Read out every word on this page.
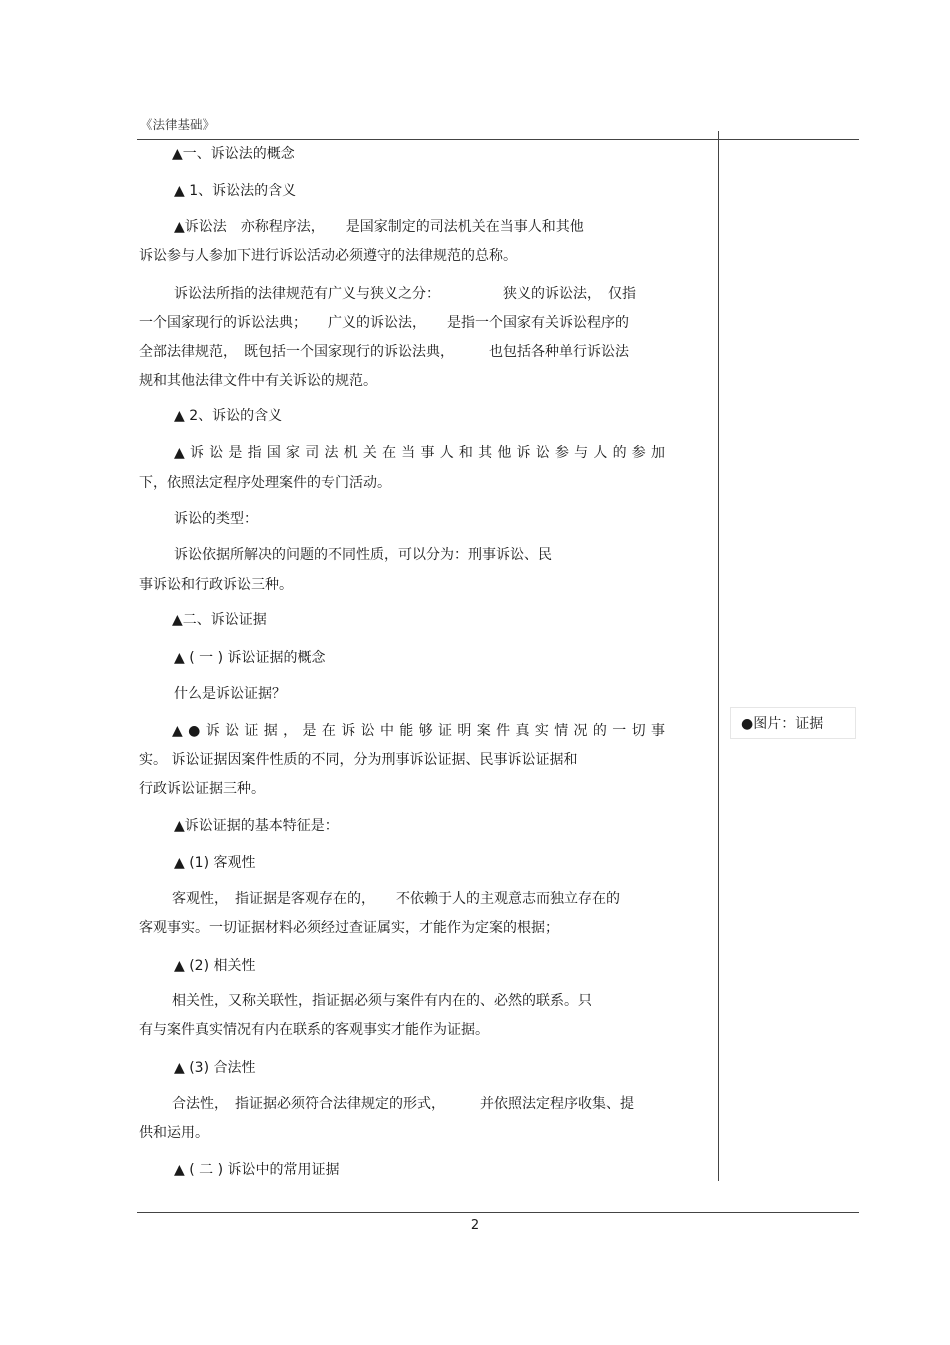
《法律基础》
▲一、诉讼法的概念
▲ 1、诉讼法的含义
▲诉讼法　亦称程序法，　　是国家制定的司法机关在当事人和其他
诉讼参与人参加下进行诉讼活动必须遵守的法律规范的总称。
诉讼法所指的法律规范有广义与狭义之分：　　　　　狭义的诉讼法，　仅指
一个国家现行的诉讼法典；　　广义的诉讼法，　　是指一个国家有关诉讼程序的
全部法律规范，　既包括一个国家现行的诉讼法典，　　　也包括各种单行诉讼法
规和其他法律文件中有关诉讼的规范。
▲ 2、诉讼的含义
▲诉讼是指国家司法机关在当事人和其他诉讼参与人的参加
下，依照法定程序处理案件的专门活动。
诉讼的类型：
诉讼依据所解决的问题的不同性质，可以分为：刑事诉讼、民
事诉讼和行政诉讼三种。
▲二、诉讼证据
▲ ( 一 ) 诉讼证据的概念
什么是诉讼证据？
▲●诉讼证据，是在诉讼中能够证明案件真实情况的一切事
实。 诉讼证据因案件性质的不同，分为刑事诉讼证据、民事诉讼证据和
行政诉讼证据三种。
▲诉讼证据的基本特征是：
▲ (1) 客观性
客观性，　指证据是客观存在的，　　不依赖于人的主观意志而独立存在的
客观事实。一切证据材料必须经过查证属实，才能作为定案的根据；
▲ (2) 相关性
相关性，又称关联性，指证据必须与案件有内在的、必然的联系。只
有与案件真实情况有内在联系的客观事实才能作为证据。
▲ (3) 合法性
合法性，　指证据必须符合法律规定的形式，　　　并依照法定程序收集、提
供和运用。
▲ ( 二 ) 诉讼中的常用证据
●图片：证据
2
